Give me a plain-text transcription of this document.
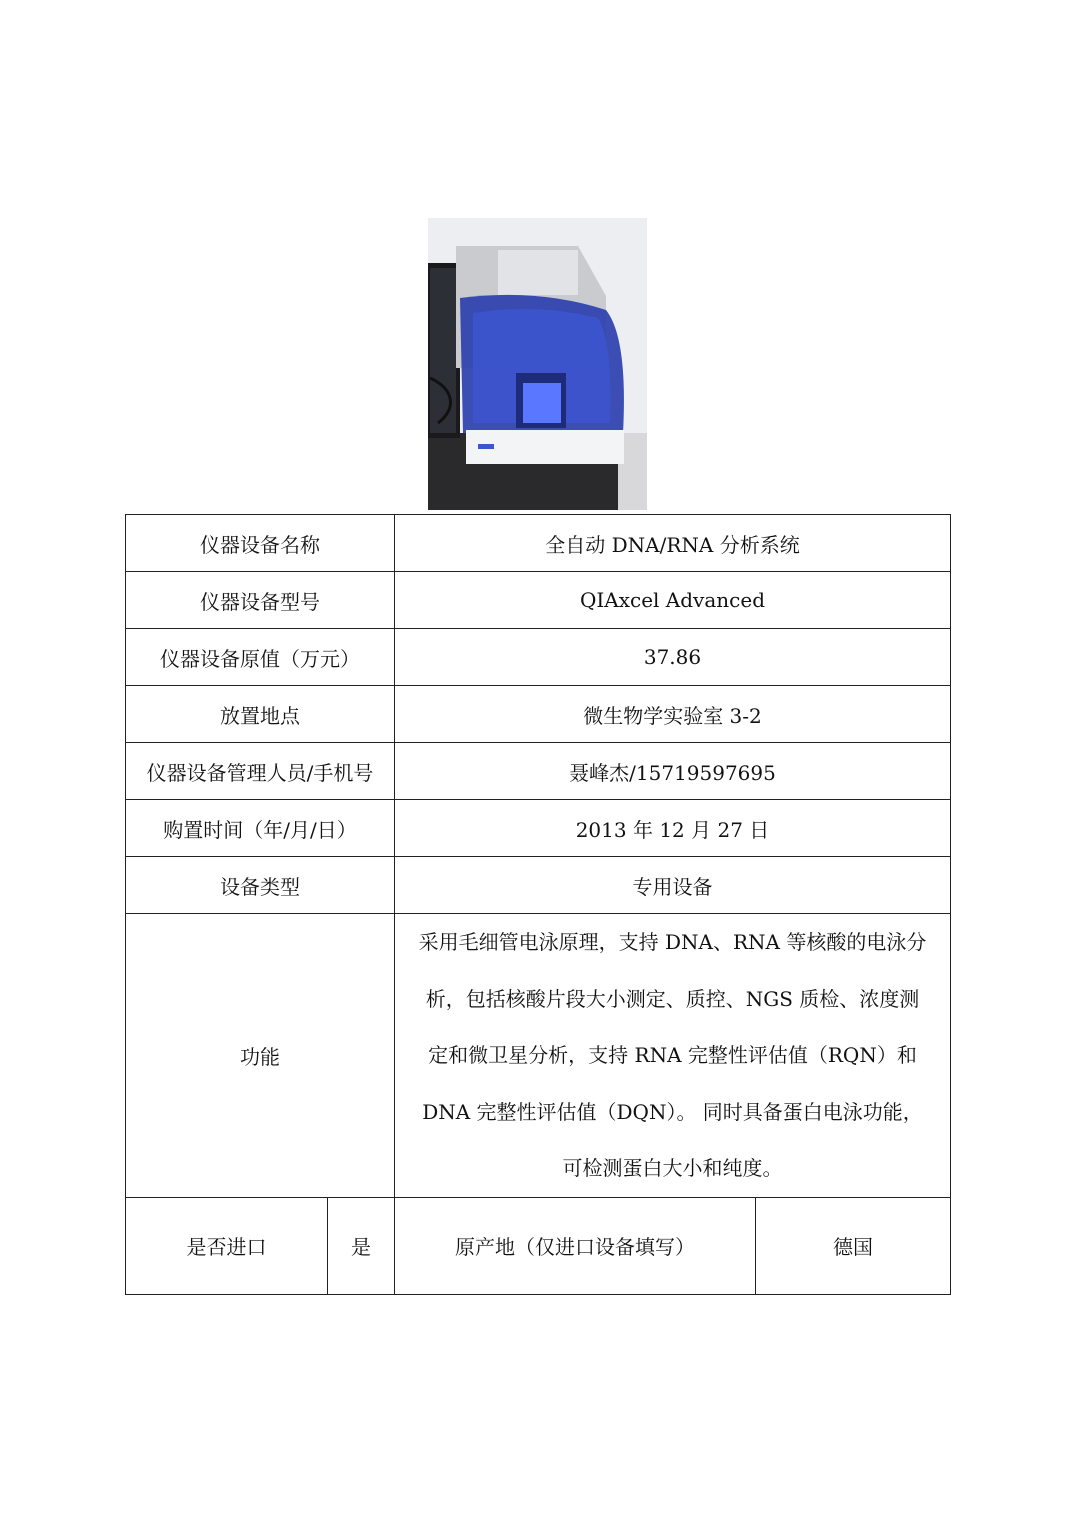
仪器设备名称		全自动 DNA/RNA 分析系统	
仪器设备型号		QIAxcel Advanced	
仪器设备原值（万元）		37.86	
放置地点		微生物学实验室 3-2	
仪器设备管理人员/手机号		聂峰杰/15719597695	
购置时间（年/月/日）		2013 年 12 月 27 日	
设备类型		专用设备	
功能		采用毛细管电泳原理，支持 DNA、RNA 等核酸的电泳分
析，包括核酸片段大小测定、质控、NGS 质检、浓度测
定和微卫星分析，支持 RNA 完整性评估值（RQN）和
DNA 完整性评估值（DQN）。 同时具备蛋白电泳功能，
可检测蛋白大小和纯度。	

是否进口	是	原产地（仅进口设备填写）	德国
